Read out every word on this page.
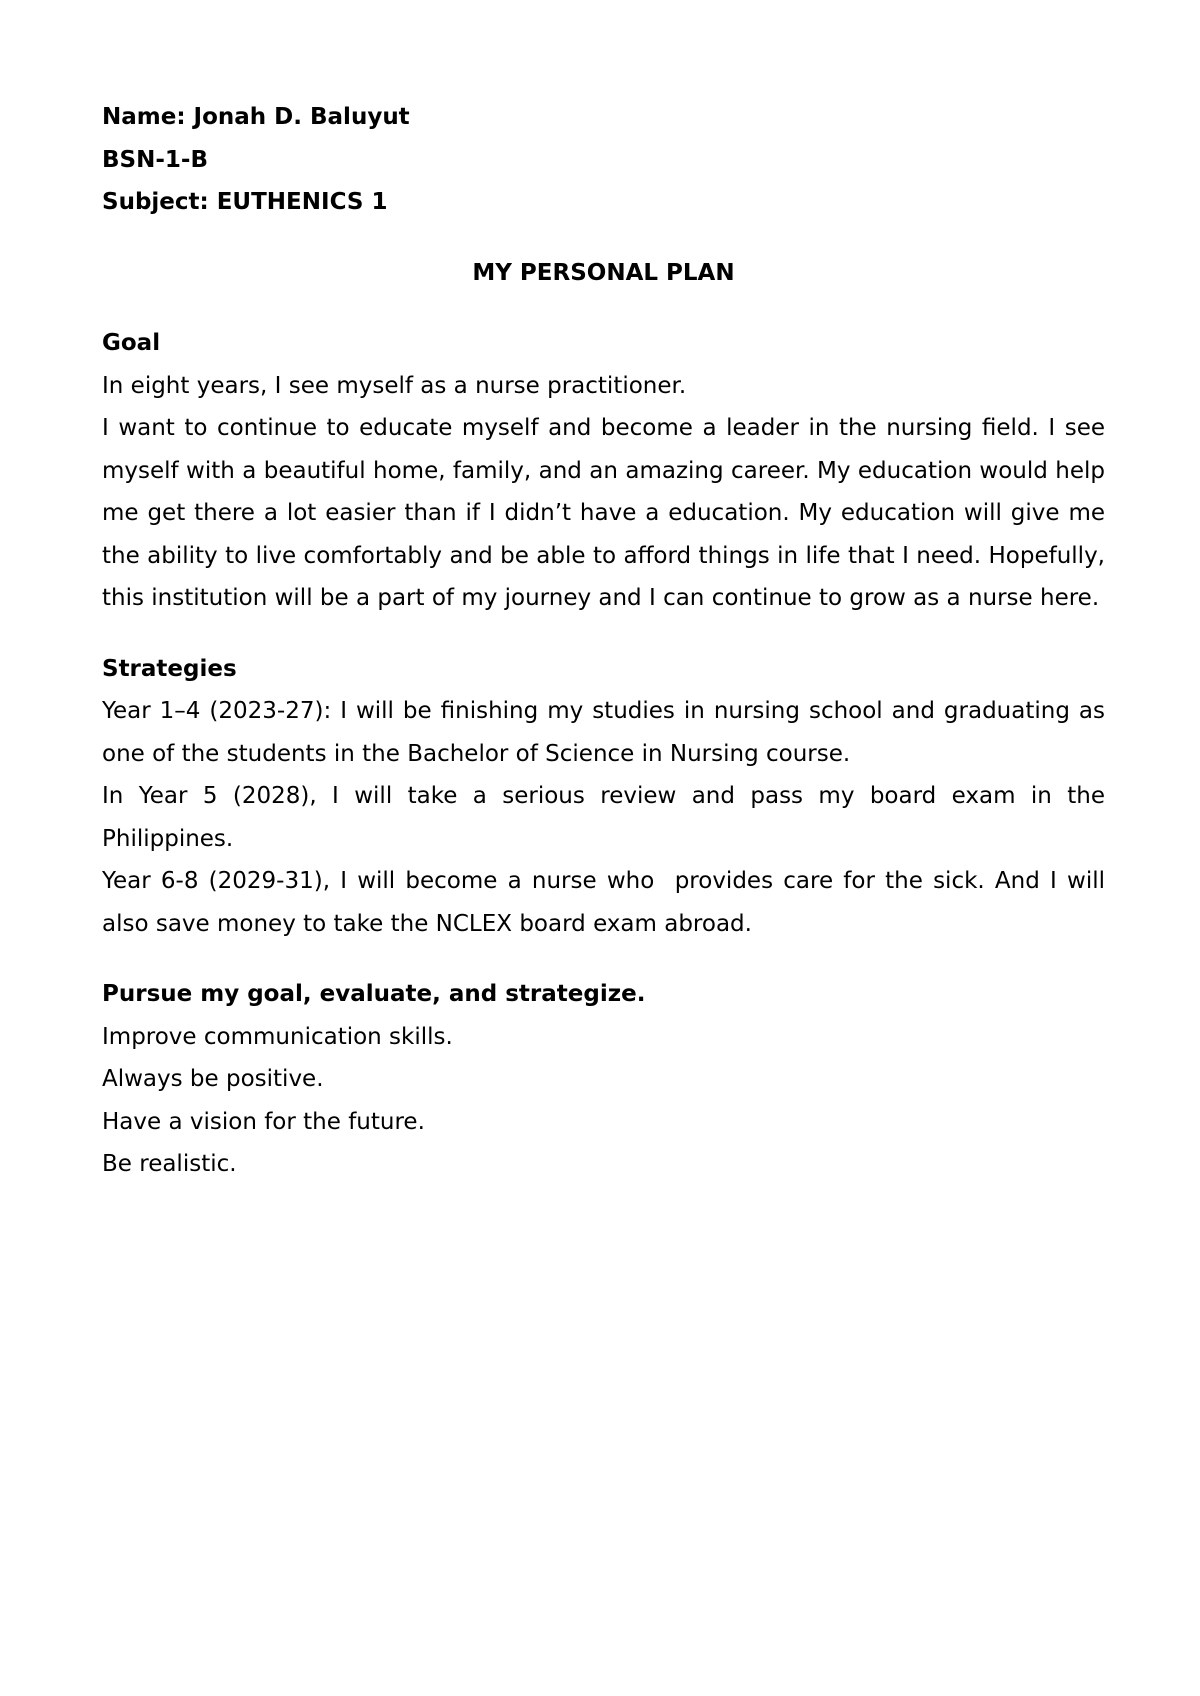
Name: Jonah D. Baluyut

BSN-1-B

Subject: EUTHENICS 1

MY PERSONAL PLAN

Goal

In eight years, I see myself as a nurse practitioner.

I want to continue to educate myself and become a leader in the nursing field. I see myself with a beautiful home, family, and an amazing career. My education would help me get there a lot easier than if I didn’t have a education. My education will give me the ability to live comfortably and be able to afford things in life that I need. Hopefully, this institution will be a part of my journey and I can continue to grow as a nurse here.

Strategies

Year 1–4 (2023-27): I will be finishing my studies in nursing school and graduating as one of the students in the Bachelor of Science in Nursing course.

In Year 5 (2028), I will take a serious review and pass my board exam in the Philippines.

Year 6-8 (2029-31), I will become a nurse who  provides care for the sick. And I will also save money to take the NCLEX board exam abroad.

Pursue my goal, evaluate, and strategize.

Improve communication skills.

Always be positive.

Have a vision for the future.

Be realistic.
